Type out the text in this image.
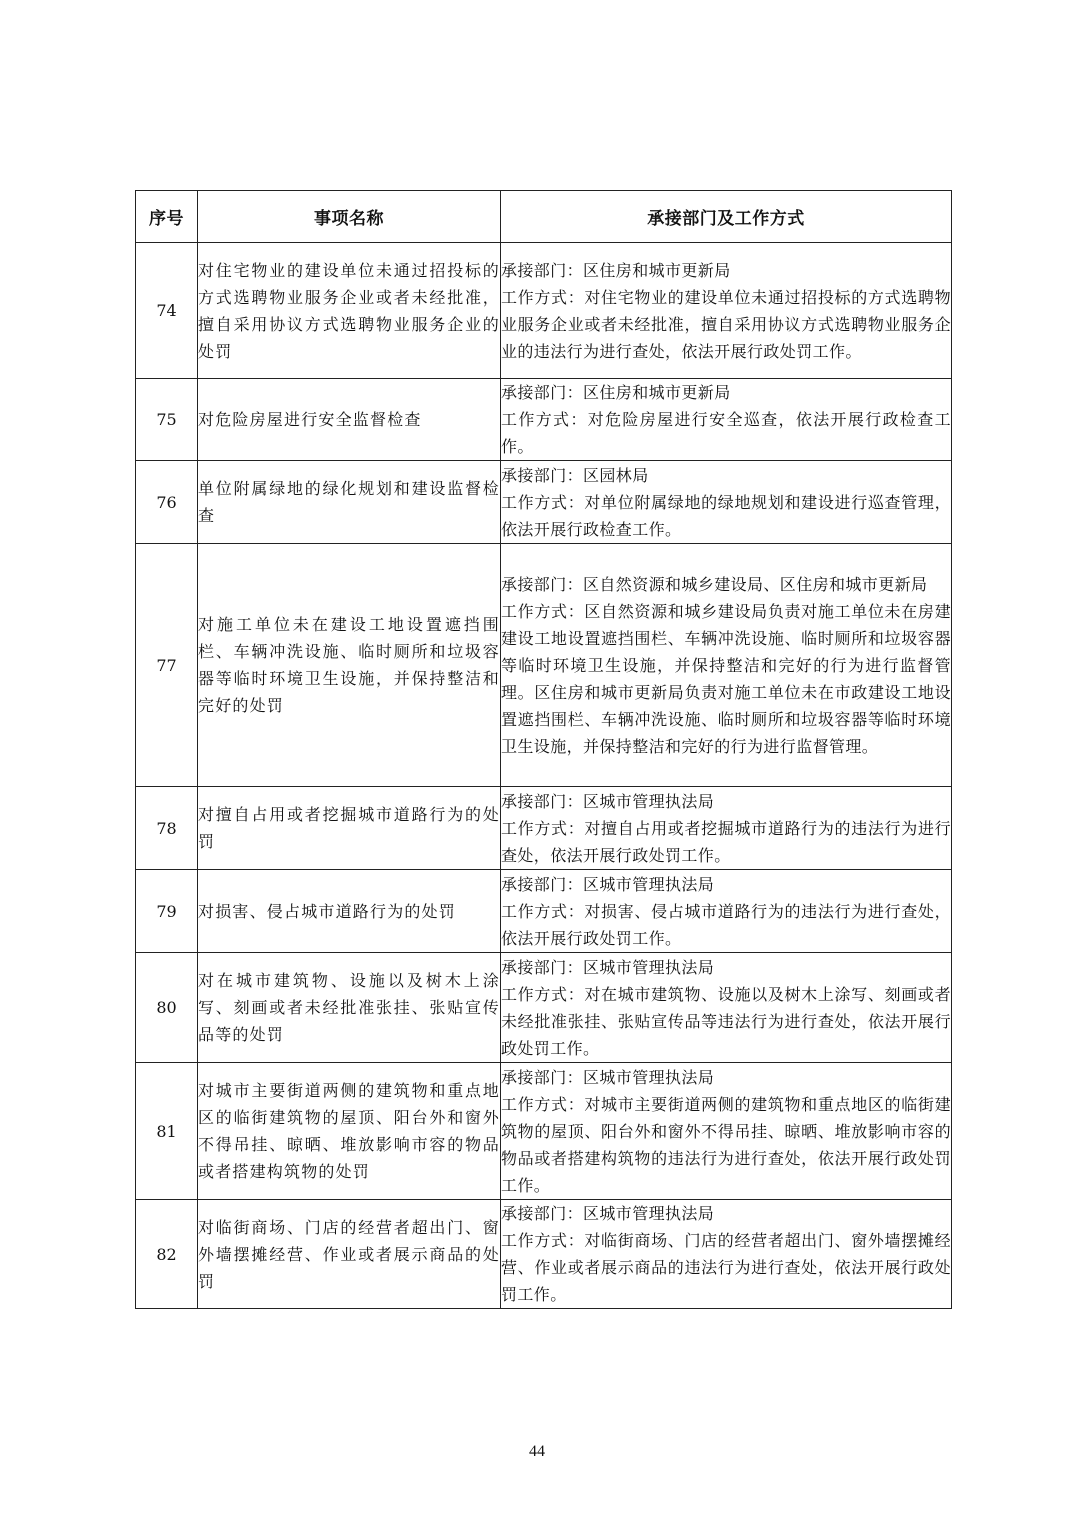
序号	事项名称	承接部门及工作方式
74	对住宅物业的建设单位未通过招投标的方式选聘物业服务企业或者未经批准，擅自采用协议方式选聘物业服务企业的处罚	承接部门：区住房和城市更新局
工作方式：对住宅物业的建设单位未通过招投标的方式选聘物业服务企业或者未经批准，擅自采用协议方式选聘物业服务企业的违法行为进行查处，依法开展行政处罚工作。

75	对危险房屋进行安全监督检查	承接部门：区住房和城市更新局
工作方式：对危险房屋进行安全巡查，依法开展行政检查工作。

76	单位附属绿地的绿化规划和建设监督检查	承接部门：区园林局
工作方式：对单位附属绿地的绿地规划和建设进行巡查管理，依法开展行政检查工作。

77	对施工单位未在建设工地设置遮挡围栏、车辆冲洗设施、临时厕所和垃圾容器等临时环境卫生设施，并保持整洁和完好的处罚	承接部门：区自然资源和城乡建设局、区住房和城市更新局
工作方式：区自然资源和城乡建设局负责对施工单位未在房建建设工地设置遮挡围栏、车辆冲洗设施、临时厕所和垃圾容器等临时环境卫生设施，并保持整洁和完好的行为进行监督管理。区住房和城市更新局负责对施工单位未在市政建设工地设置遮挡围栏、车辆冲洗设施、临时厕所和垃圾容器等临时环境卫生设施，并保持整洁和完好的行为进行监督管理。

78	对擅自占用或者挖掘城市道路行为的处罚	承接部门：区城市管理执法局
工作方式：对擅自占用或者挖掘城市道路行为的违法行为进行查处，依法开展行政处罚工作。

79	对损害、侵占城市道路行为的处罚	承接部门：区城市管理执法局
工作方式：对损害、侵占城市道路行为的违法行为进行查处，依法开展行政处罚工作。

80	对在城市建筑物、设施以及树木上涂写、刻画或者未经批准张挂、张贴宣传品等的处罚	承接部门：区城市管理执法局
工作方式：对在城市建筑物、设施以及树木上涂写、刻画或者未经批准张挂、张贴宣传品等违法行为进行查处，依法开展行政处罚工作。

81	对城市主要街道两侧的建筑物和重点地区的临街建筑物的屋顶、阳台外和窗外不得吊挂、晾晒、堆放影响市容的物品或者搭建构筑物的处罚	承接部门：区城市管理执法局
工作方式：对城市主要街道两侧的建筑物和重点地区的临街建筑物的屋顶、阳台外和窗外不得吊挂、晾晒、堆放影响市容的物品或者搭建构筑物的违法行为进行查处，依法开展行政处罚工作。

82	对临街商场、门店的经营者超出门、窗外墙摆摊经营、作业或者展示商品的处罚	承接部门：区城市管理执法局
工作方式：对临街商场、门店的经营者超出门、窗外墙摆摊经营、作业或者展示商品的违法行为进行查处，依法开展行政处罚工作。
44
